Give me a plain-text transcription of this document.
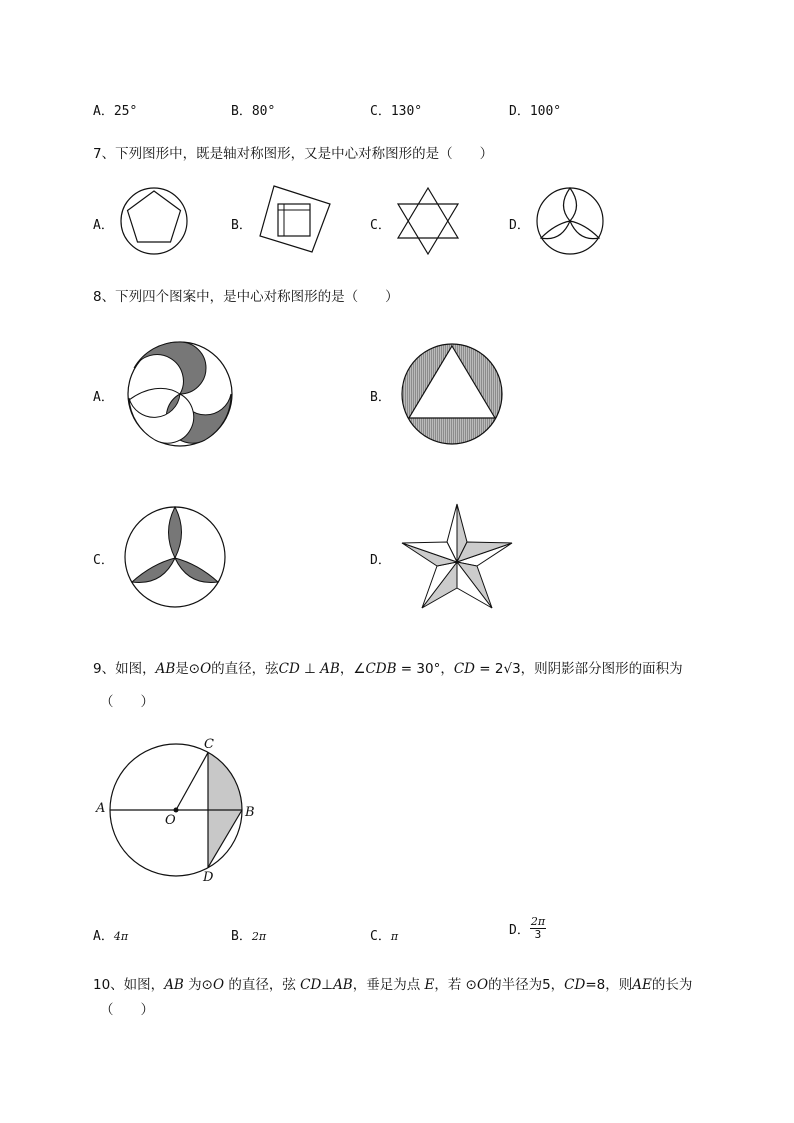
A．25°	B．80°	C．130°	D．100°
7、下列图形中，既是轴对称图形，又是中心对称图形的是（　　）
A．	B．	C．	D．
8、下列四个图案中，是中心对称图形的是（　　）
A．	B．
C．	D．
9、如图，AB是⊙O的直径，弦CD ⊥ AB，∠CDB = 30°，CD = 2√3，则阴影部分图形的面积为
（　　）
A	B
C
D
O
A．4π	B．2π	C．π	D． $\frac{2\pi}{3}$
10、如图，AB 为⊙O 的直径，弦 CD⊥AB，垂足为点 E，若 ⊙O的半径为5，CD=8，则AE的长为
（　　）
